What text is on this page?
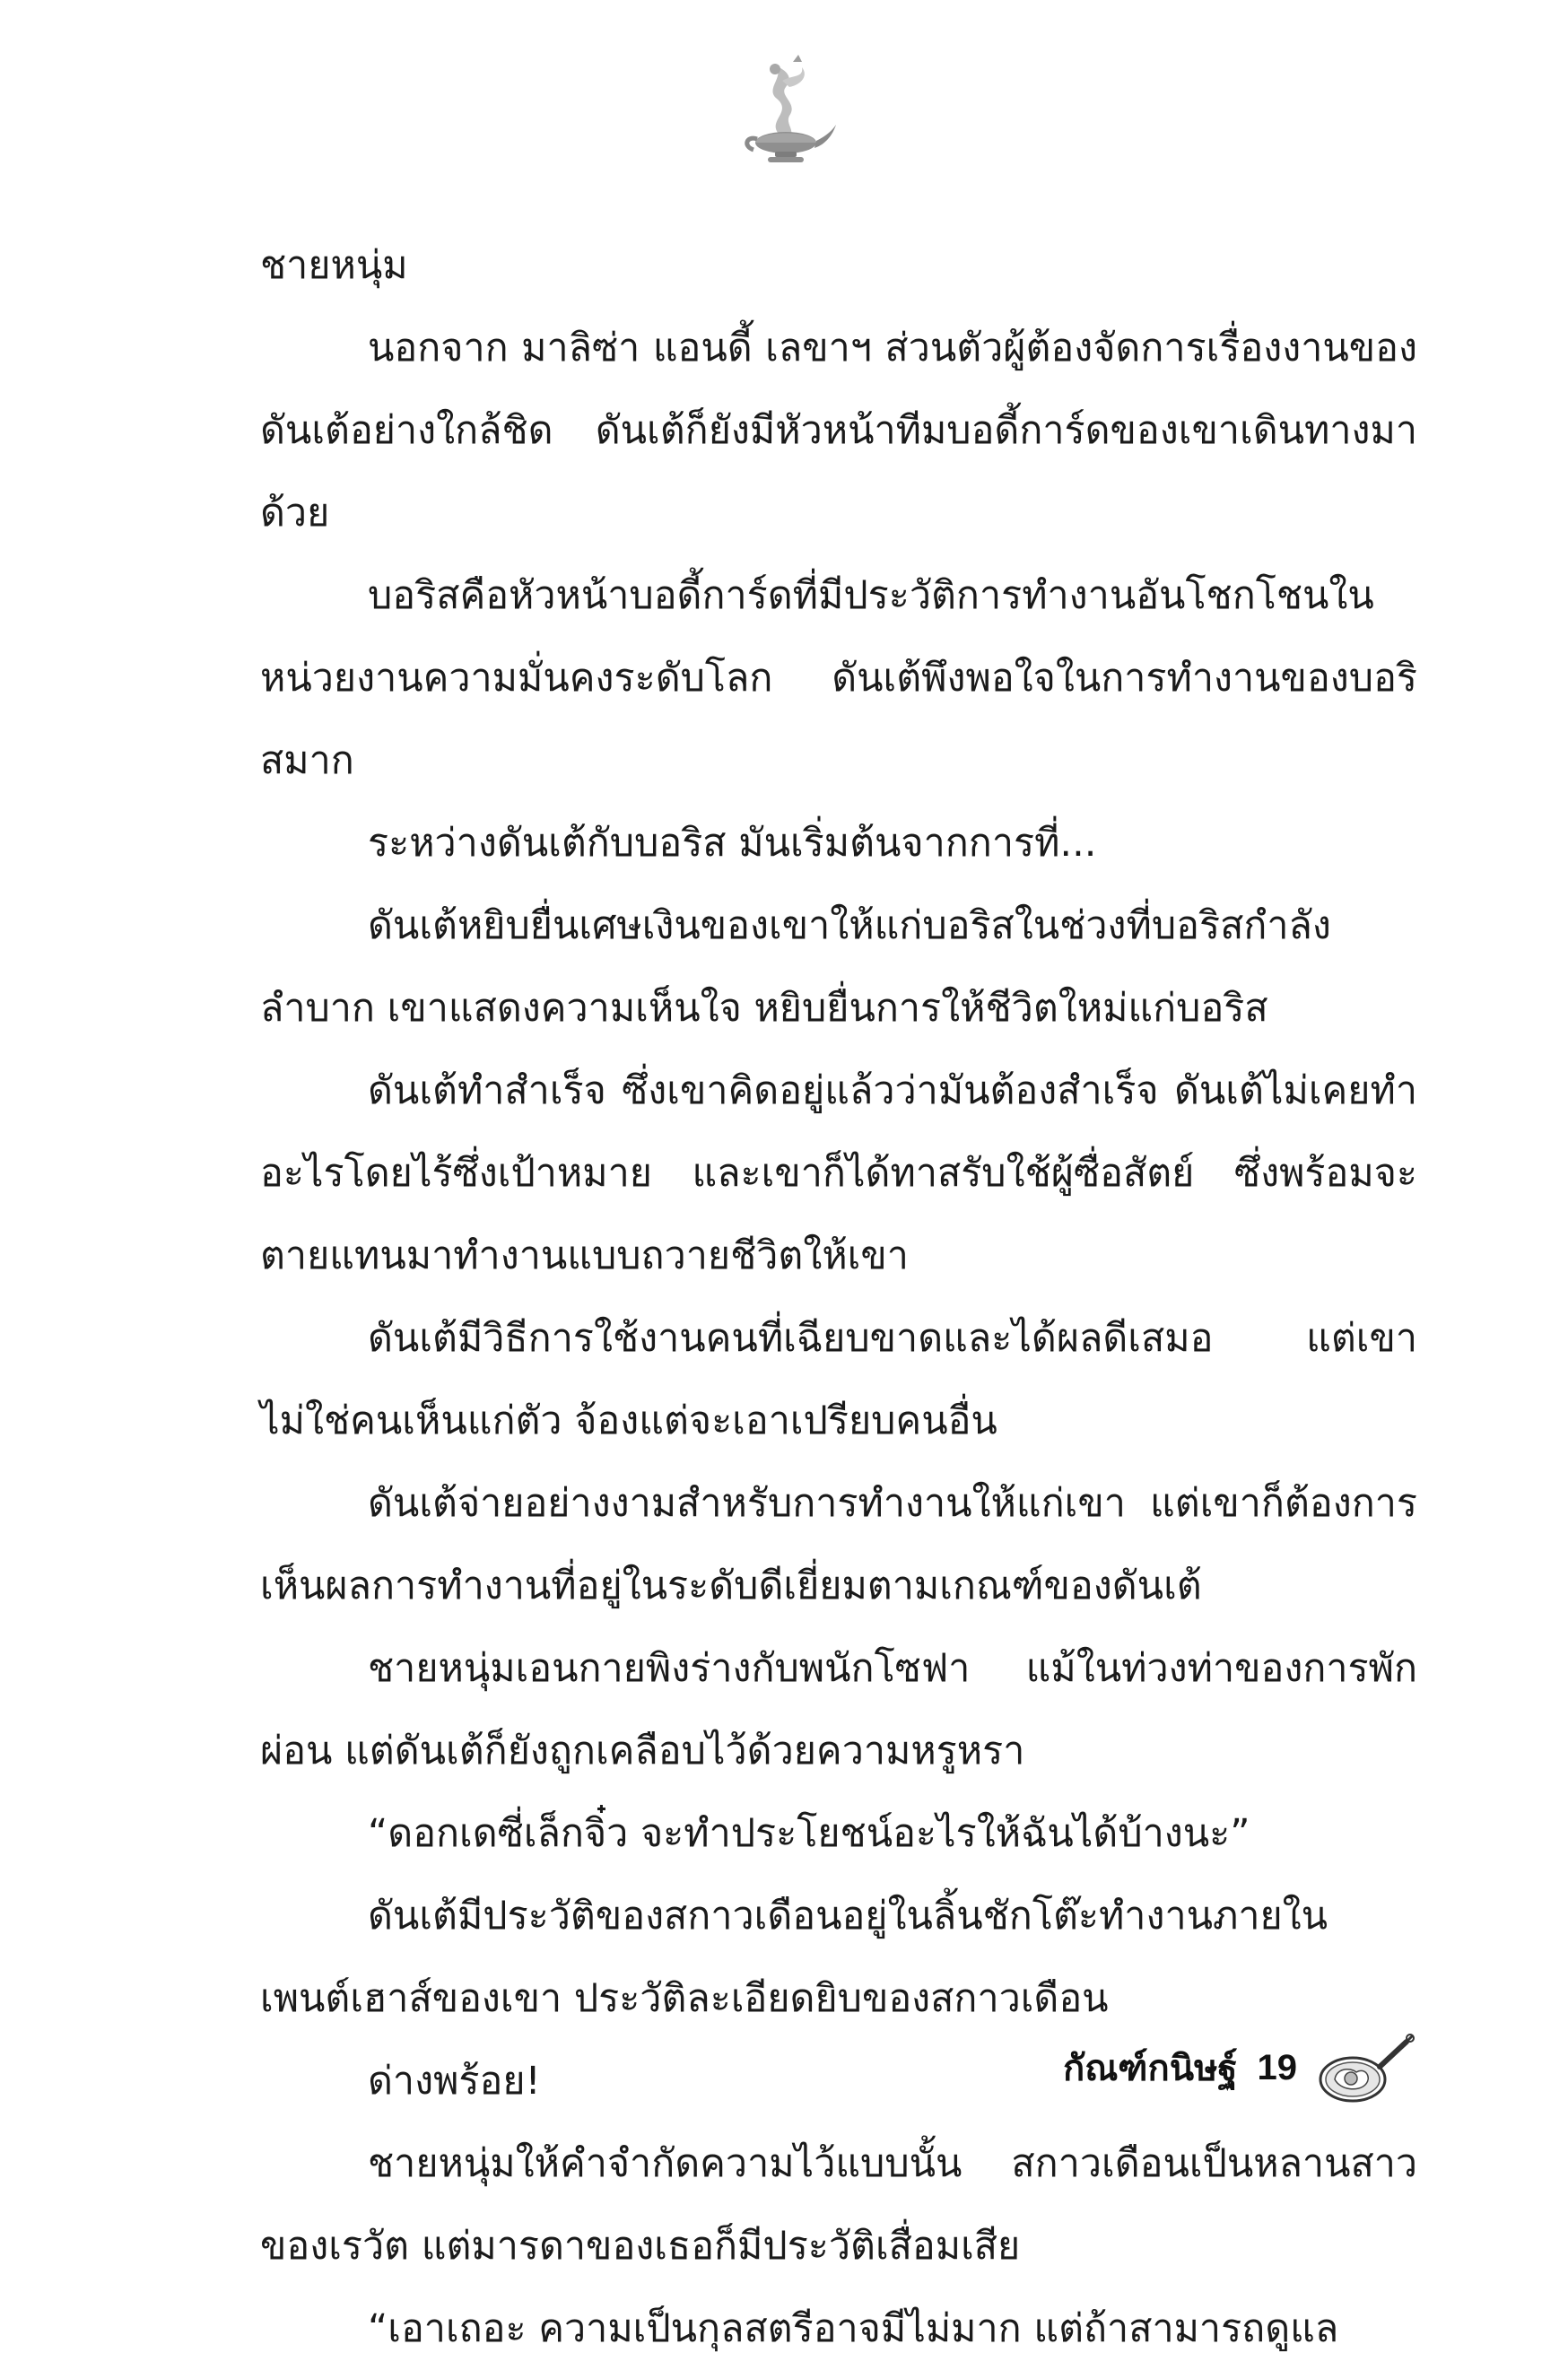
ชายหนุ่ม

นอกจาก มาลิซ่า แอนดี้ เลขาฯ ส่วนตัวผู้ต้องจัดการเรื่องงานของดันเต้อย่างใกล้ชิด ดันเต้ก็ยังมีหัวหน้าทีมบอดี้การ์ดของเขาเดินทางมาด้วย

บอริสคือหัวหน้าบอดี้การ์ดที่มีประวัติการทำงานอันโชกโชนในหน่วยงานความมั่นคงระดับโลก ดันเต้พึงพอใจในการทำงานของบอริสมาก

ระหว่างดันเต้กับบอริส มันเริ่มต้นจากการที่...

ดันเต้หยิบยื่นเศษเงินของเขาให้แก่บอริสในช่วงที่บอริสกำลังลำบาก เขาแสดงความเห็นใจ หยิบยื่นการให้ชีวิตใหม่แก่บอริส

ดันเต้ทำสำเร็จ ซึ่งเขาคิดอยู่แล้วว่ามันต้องสำเร็จ ดันเต้ไม่เคยทำอะไรโดยไร้ซึ่งเป้าหมาย และเขาก็ได้ทาสรับใช้ผู้ซื่อสัตย์ ซึ่งพร้อมจะตายแทนมาทำงานแบบถวายชีวิตให้เขา

ดันเต้มีวิธีการใช้งานคนที่เฉียบขาดและได้ผลดีเสมอ แต่เขาไม่ใช่คนเห็นแก่ตัว จ้องแต่จะเอาเปรียบคนอื่น

ดันเต้จ่ายอย่างงามสำหรับการทำงานให้แก่เขา แต่เขาก็ต้องการเห็นผลการทำงานที่อยู่ในระดับดีเยี่ยมตามเกณฑ์ของดันเต้

ชายหนุ่มเอนกายพิงร่างกับพนักโซฟา แม้ในท่วงท่าของการพักผ่อน แต่ดันเต้ก็ยังถูกเคลือบไว้ด้วยความหรูหรา

“ดอกเดซี่เล็กจิ๋ว จะทำประโยชน์อะไรให้ฉันได้บ้างนะ”

ดันเต้มีประวัติของสกาวเดือนอยู่ในลิ้นชักโต๊ะทำงานภายในเพนต์เฮาส์ของเขา ประวัติละเอียดยิบของสกาวเดือน

ด่างพร้อย!

ชายหนุ่มให้คำจำกัดความไว้แบบนั้น สกาวเดือนเป็นหลานสาวของเรวัต แต่มารดาของเธอก็มีประวัติเสื่อมเสีย

“เอาเถอะ ความเป็นกุลสตรีอาจมีไม่มาก แต่ถ้าสามารถดูแล

กัณฑ์กนิษฐ์ 19
